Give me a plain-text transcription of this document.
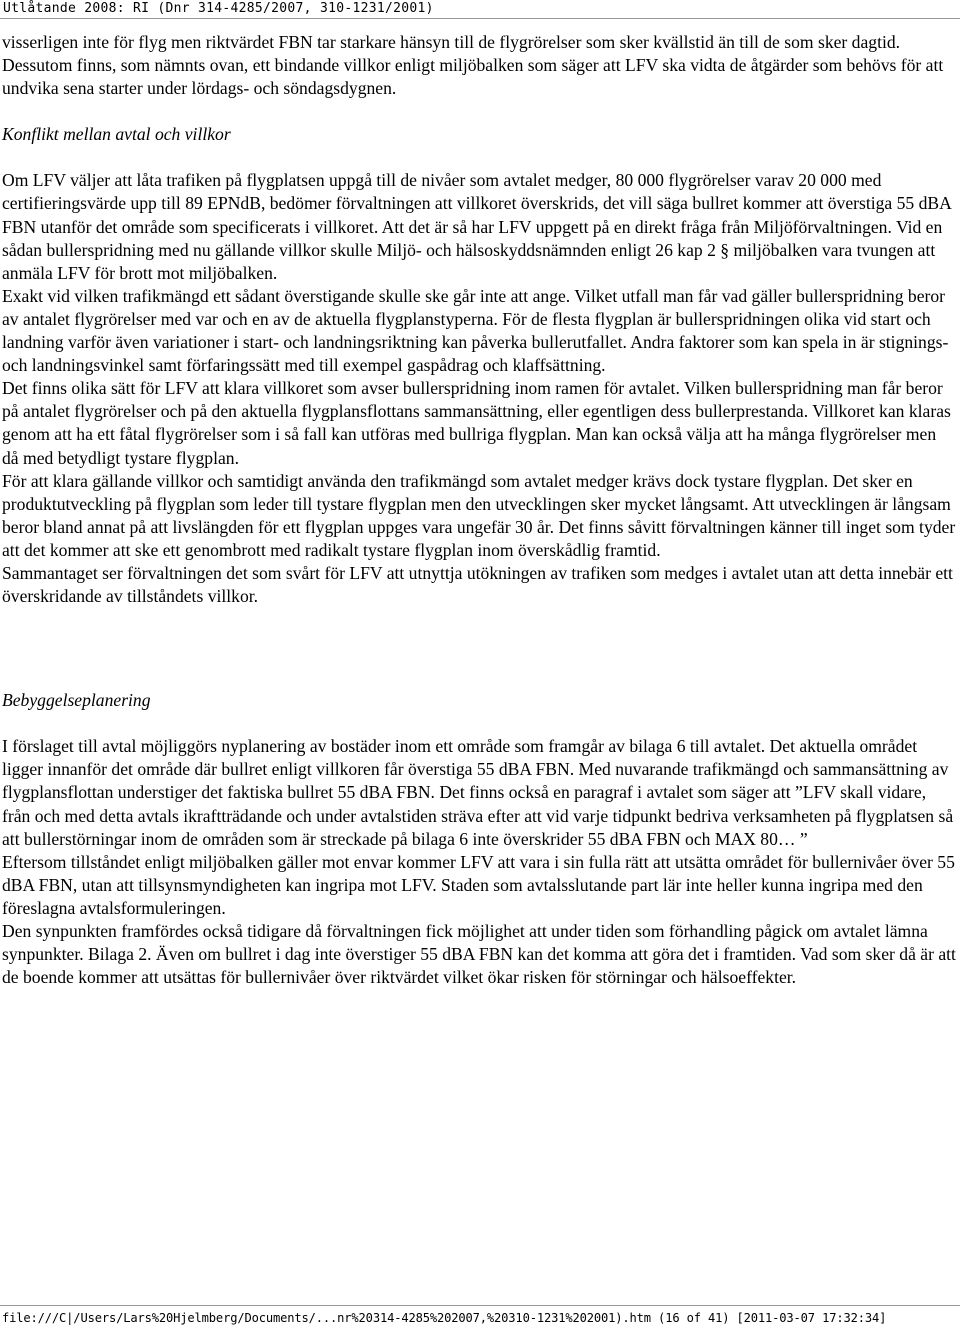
Utlåtande 2008: RI (Dnr 314-4285/2007, 310-1231/2001)

visserligen inte för flyg men riktvärdet FBN tar starkare hänsyn till de flygrörelser som sker kvällstid än till de som sker dagtid. Dessutom finns, som nämnts ovan, ett bindande villkor enligt miljöbalken som säger att LFV ska vidta de åtgärder som behövs för att undvika sena starter under lördags- och söndagsdygnen.

Konflikt mellan avtal och villkor

Om LFV väljer att låta trafiken på flygplatsen uppgå till de nivåer som avtalet medger, 80 000 flygrörelser varav 20 000 med certifieringsvärde upp till 89 EPNdB, bedömer förvaltningen att villkoret överskrids, det vill säga bullret kommer att överstiga 55 dBA FBN utanför det område som specificerats i villkoret. Att det är så har LFV uppgett på en direkt fråga från Miljöförvaltningen. Vid en sådan bullerspridning med nu gällande villkor skulle Miljö- och hälsoskyddsnämnden enligt 26 kap 2 § miljöbalken vara tvungen att anmäla LFV för brott mot miljöbalken.

Exakt vid vilken trafikmängd ett sådant överstigande skulle ske går inte att ange. Vilket utfall man får vad gäller bullerspridning beror av antalet flygrörelser med var och en av de aktuella flygplanstyperna. För de flesta flygplan är bullerspridningen olika vid start och landning varför även variationer i start- och landningsriktning kan påverka bullerutfallet. Andra faktorer som kan spela in är stignings- och landningsvinkel samt förfaringssätt med till exempel gaspådrag och klaffsättning.

Det finns olika sätt för LFV att klara villkoret som avser bullerspridning inom ramen för avtalet. Vilken bullerspridning man får beror på antalet flygrörelser och på den aktuella flygplansflottans sammansättning, eller egentligen dess bullerprestanda. Villkoret kan klaras genom att ha ett fåtal flygrörelser som i så fall kan utföras med bullriga flygplan. Man kan också välja att ha många flygrörelser men då med betydligt tystare flygplan.

För att klara gällande villkor och samtidigt använda den trafikmängd som avtalet medger krävs dock tystare flygplan. Det sker en produktutveckling på flygplan som leder till tystare flygplan men den utvecklingen sker mycket långsamt. Att utvecklingen är långsam beror bland annat på att livslängden för ett flygplan uppges vara ungefär 30 år. Det finns såvitt förvaltningen känner till inget som tyder att det kommer att ske ett genombrott med radikalt tystare flygplan inom överskådlig framtid.

Sammantaget ser förvaltningen det som svårt för LFV att utnyttja utökningen av trafiken som medges i avtalet utan att detta innebär ett överskridande av tillståndets villkor.

Bebyggelseplanering

I förslaget till avtal möjliggörs nyplanering av bostäder inom ett område som framgår av bilaga 6 till avtalet. Det aktuella området ligger innanför det område där bullret enligt villkoren får överstiga 55 dBA FBN. Med nuvarande trafikmängd och sammansättning av flygplansflottan understiger det faktiska bullret 55 dBA FBN. Det finns också en paragraf i avtalet som säger att ”LFV skall vidare, från och med detta avtals ikraftträdande och under avtalstiden sträva efter att vid varje tidpunkt bedriva verksamheten på flygplatsen så att bullerstörningar inom de områden som är streckade på bilaga 6 inte överskrider 55 dBA FBN och MAX 80… ”

Eftersom tillståndet enligt miljöbalken gäller mot envar kommer LFV att vara i sin fulla rätt att utsätta området för bullernivåer över 55 dBA FBN, utan att tillsynsmyndigheten kan ingripa mot LFV. Staden som avtalsslutande part lär inte heller kunna ingripa med den föreslagna avtalsformuleringen.

Den synpunkten framfördes också tidigare då förvaltningen fick möjlighet att under tiden som förhandling pågick om avtalet lämna synpunkter. Bilaga 2. Även om bullret i dag inte överstiger 55 dBA FBN kan det komma att göra det i framtiden. Vad som sker då är att de boende kommer att utsättas för bullernivåer över riktvärdet vilket ökar risken för störningar och hälsoeffekter.

file:///C|/Users/Lars%20Hjelmberg/Documents/...nr%20314-4285%202007,%20310-1231%202001).htm (16 of 41) [2011-03-07 17:32:34]
